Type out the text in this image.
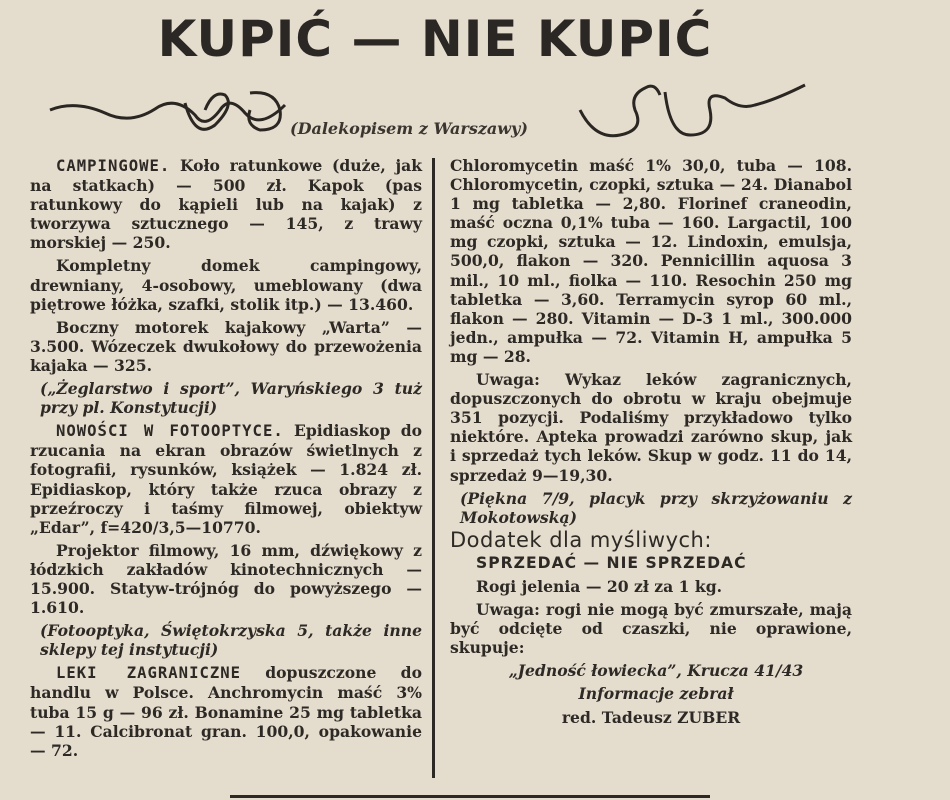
KUPIĆ — NIE KUPIĆ
(Dalekopisem z Warszawy)

CAMPINGOWE. Koło ratunkowe (duże, jak na statkach) — 500 zł. Kapok (pas ratunkowy do kąpieli lub na kajak) z tworzywa sztucznego — 145, z trawy morskiej — 250.

Kompletny domek campingowy, drewniany, 4-osobowy, umeblowany (dwa piętrowe łóżka, szafki, stolik itp.) — 13.460.

Boczny motorek kajakowy „Warta” — 3.500. Wózeczek dwukołowy do przewożenia kajaka — 325.

(„Żeglarstwo i sport”, Waryńskiego 3 tuż przy pl. Konstytucji)

NOWOŚCI W FOTOOPTYCE. Epidiaskop do rzucania na ekran obrazów świetlnych z fotografii, rysunków, książek — 1.824 zł. Epidiaskop, który także rzuca obrazy z przeźroczy i taśmy filmowej, obiektyw „Edar”, f=420/3,5—10770.

Projektor filmowy, 16 mm, dźwiękowy z łódzkich zakładów kinotechnicznych — 15.900. Statyw-trójnóg do powyższego — 1.610.

(Fotooptyka, Świętokrzyska 5, także inne sklepy tej instytucji)

LEKI ZAGRANICZNE dopuszczone do handlu w Polsce. Anchromycin maść 3% tuba 15 g — 96 zł. Bonamine 25 mg tabletka — 11. Calcibronat gran. 100,0, opakowanie — 72.

Chloromycetin maść 1% 30,0, tuba — 108. Chloromycetin, czopki, sztuka — 24. Dianabol 1 mg tabletka — 2,80. Florinef craneodin, maść oczna 0,1% tuba — 160. Largactil, 100 mg czopki, sztuka — 12. Lindoxin, emulsja, 500,0, flakon — 320. Pennicillin aquosa 3 mil., 10 ml., fiolka — 110. Resochin 250 mg tabletka — 3,60. Terramycin syrop 60 ml., flakon — 280. Vitamin — D-3 1 ml., 300.000 jedn., ampułka — 72. Vitamin H, ampułka 5 mg — 28.

Uwaga: Wykaz leków zagranicznych, dopuszczonych do obrotu w kraju obejmuje 351 pozycji. Podaliśmy przykładowo tylko niektóre. Apteka prowadzi zarówno skup, jak i sprzedaż tych leków. Skup w godz. 11 do 14, sprzedaż 9—19,30.

(Piękna 7/9, placyk przy skrzyżowaniu z Mokotowską)

Dodatek dla myśliwych:

SPRZEDAĆ — NIE SPRZEDAĆ

Rogi jelenia — 20 zł za 1 kg.

Uwaga: rogi nie mogą być zmurszałe, mają być odcięte od czaszki, nie oprawione, skupuje:

„Jedność łowiecka”, Krucza 41/43

Informacje zebrał

red. Tadeusz ZUBER
